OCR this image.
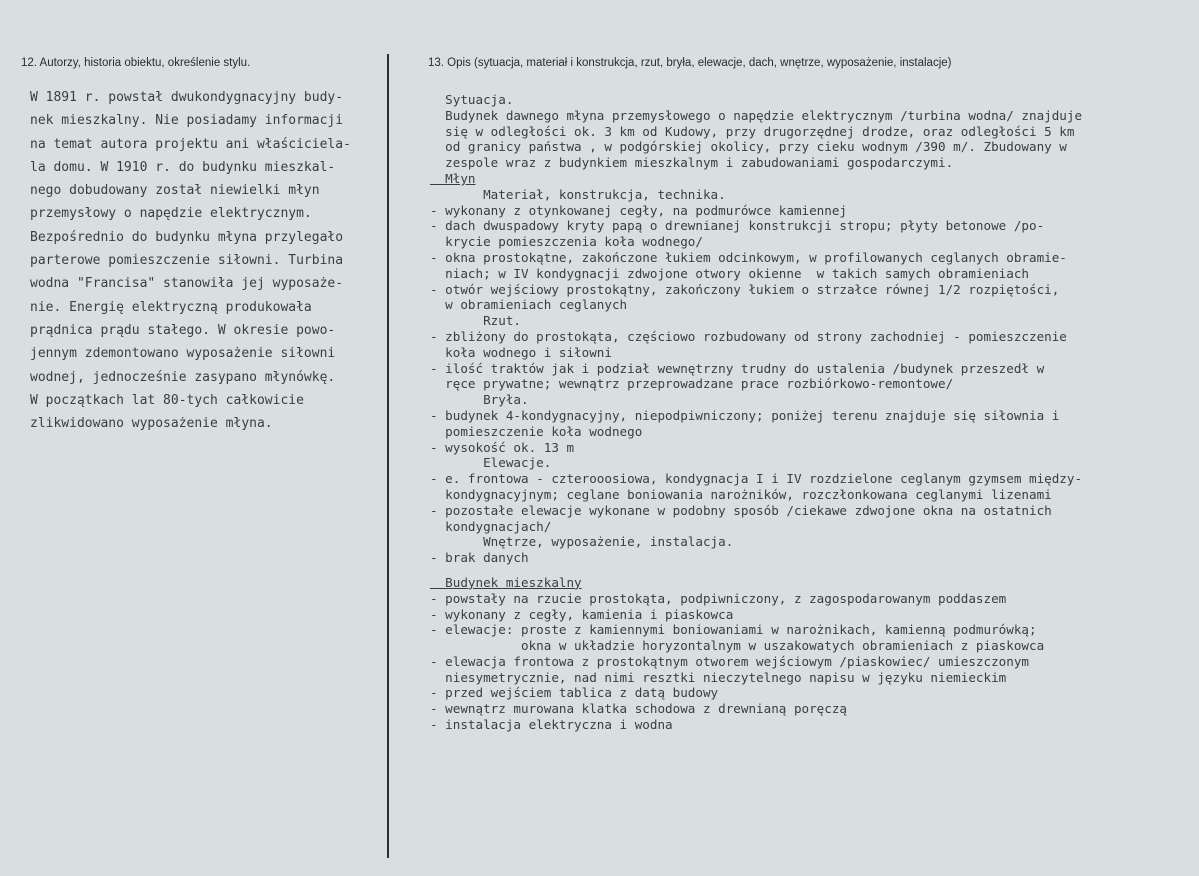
12. Autorzy, historia obiektu, określenie stylu.	13. Opis (sytuacja, materiał i konstrukcja, rzut, bryła, elewacje, dach, wnętrze, wyposażenie, instalacje)
W 1891 r. powstał dwukondygnacyjny budy-
nek mieszkalny. Nie posiadamy informacji
na temat autora projektu ani właściciela-
la domu. W 1910 r. do budynku mieszkal-
nego dobudowany został niewielki młyn
przemysłowy o napędzie elektrycznym.
Bezpośrednio do budynku młyna przylegało
parterowe pomieszczenie siłowni. Turbina
wodna "Francisa" stanowiła jej wyposaże-
nie. Energię elektryczną produkowała
prądnica prądu stałego. W okresie powo-
jennym zdemontowano wyposażenie siłowni
wodnej, jednocześnie zasypano młynówkę.
W początkach lat 80-tych całkowicie
zlikwidowano wyposażenie młyna.
Sytuacja.
Budynek dawnego młyna przemysłowego o napędzie elektrycznym /turbina wodna/ znajduje
się w odległości ok. 3 km od Kudowy, przy drugorzędnej drodze, oraz odległości 5 km
od granicy państwa , w podgórskiej okolicy, przy cieku wodnym /390 m/. Zbudowany w
zespole wraz z budynkiem mieszkalnym i zabudowaniami gospodarczymi.
Młyn
Materiał, konstrukcja, technika.
- wykonany z otynkowanej cegły, na podmurówce kamiennej
- dach dwuspadowy kryty papą o drewnianej konstrukcji stropu; płyty betonowe /po-
krycie pomieszczenia koła wodnego/
- okna prostokątne, zakończone łukiem odcinkowym, w profilowanych ceglanych obramie-
niach; w IV kondygnacji zdwojone otwory okienne  w takich samych obramieniach
- otwór wejściowy prostokątny, zakończony łukiem o strzałce równej 1/2 rozpiętości,
w obramieniach ceglanych
Rzut.
- zbliżony do prostokąta, częściowo rozbudowany od strony zachodniej - pomieszczenie
koła wodnego i siłowni
- ilość traktów jak i podział wewnętrzny trudny do ustalenia /budynek przeszedł w
ręce prywatne; wewnątrz przeprowadzane prace rozbiórkowo-remontowe/
Bryła.
- budynek 4-kondygnacyjny, niepodpiwniczony; poniżej terenu znajduje się siłownia i
pomieszczenie koła wodnego
- wysokość ok. 13 m
Elewacje.
- e. frontowa - czterooosiowa, kondygnacja I i IV rozdzielone ceglanym gzymsem między-
kondygnacyjnym; ceglane boniowania narożników, rozczłonkowana ceglanymi lizenami
- pozostałe elewacje wykonane w podobny sposób /ciekawe zdwojone okna na ostatnich
kondygnacjach/
Wnętrze, wyposażenie, instalacja.
- brak danych
Budynek mieszkalny
- powstały na rzucie prostokąta, podpiwniczony, z zagospodarowanym poddaszem
- wykonany z cegły, kamienia i piaskowca
- elewacje: proste z kamiennymi boniowaniami w narożnikach, kamienną podmurówką;
okna w układzie horyzontalnym w uszakowatych obramieniach z piaskowca
- elewacja frontowa z prostokątnym otworem wejściowym /piaskowiec/ umieszczonym
niesymetrycznie, nad nimi resztki nieczytelnego napisu w języku niemieckim
- przed wejściem tablica z datą budowy
- wewnątrz murowana klatka schodowa z drewnianą poręczą
- instalacja elektryczna i wodna
